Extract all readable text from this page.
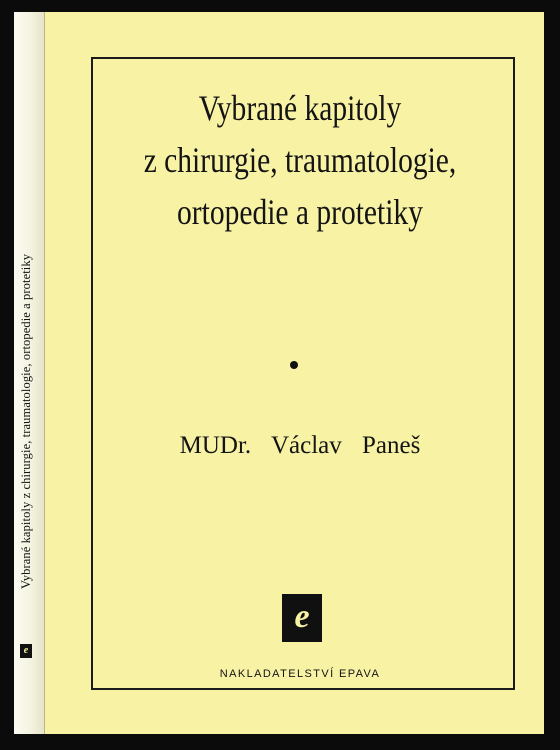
Vybrané kapitoly z chirurgie, traumatologie, ortopedie a protetiky
e
Vybrané kapitoly
z chirurgie, traumatologie,
ortopedie a protetiky
MUDr. Václav Paneš
e
NAKLADATELSTVÍ EPAVA
